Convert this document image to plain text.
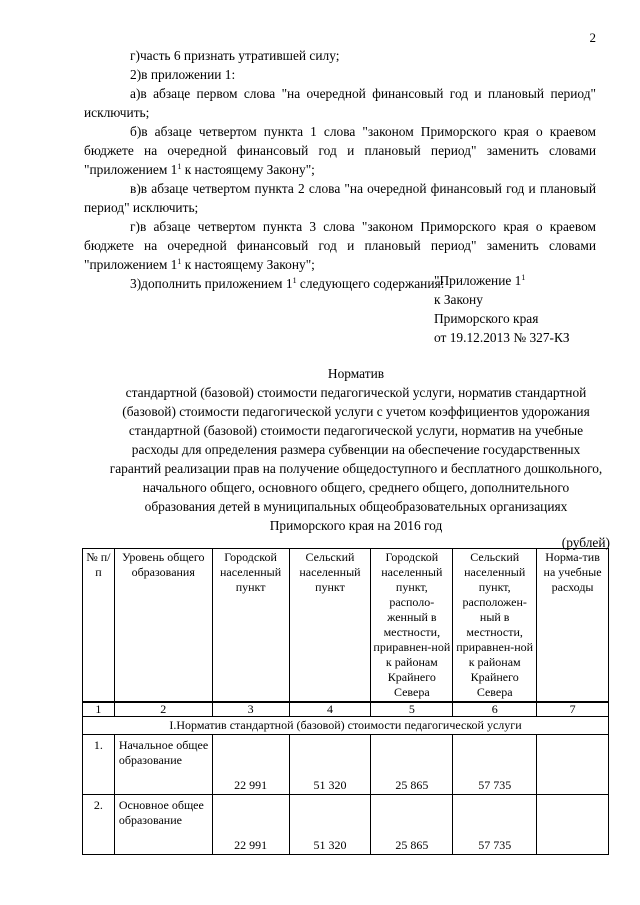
2

г)часть 6 признать утратившей силу;

2)в приложении 1:

а)в абзаце первом слова "на очередной финансовый год и плановый период" исключить;

б)в абзаце четвертом пункта 1 слова "законом Приморского края о краевом бюджете на очередной финансовый год и плановый период" заменить словами "приложением $1^1$ к настоящему Закону";

в)в абзаце четвертом пункта 2 слова "на очередной финансовый год и плановый период" исключить;

г)в абзаце четвертом пункта 3 слова "законом Приморского края о краевом бюджете на очередной финансовый год и плановый период" заменить словами "приложением $1^1$ к настоящему Закону";

3)дополнить приложением $1^1$ следующего содержания:

"Приложение $1^1$
к Закону
Приморского края
от 19.12.2013 № 327-КЗ
Норматив
стандартной (базовой) стоимости педагогической услуги, норматив стандартной (базовой) стоимости педагогической услуги с учетом коэффициентов удорожания стандартной (базовой) стоимости педагогической услуги, норматив на учебные расходы для определения размера субвенции на обеспечение государственных гарантий реализации прав на получение общедоступного и бесплатного дошкольного, начального общего, основного общего, среднего общего, дополнительного образования детей в муниципальных общеобразовательных организациях Приморского края на 2016 год
(рублей)
№ п/п	Уровень общего образования	Городской населенный пункт	Сельский населенный пункт	Городской населенный пункт, располо-женный в местности, приравнен-ной к районам Крайнего Севера	Сельский населенный пункт, расположен-ный в местности, приравнен-ной к районам Крайнего Севера	Норма-тив на учебные расходы
1	2	3	4	5	6	7
I.Норматив стандартной (базовой) стоимости педагогической услуги						
1.	Начальное общее образование	22 991	51 320	25 865	57 735	
2.	Основное общее образование	22 991	51 320	25 865	57 735	
